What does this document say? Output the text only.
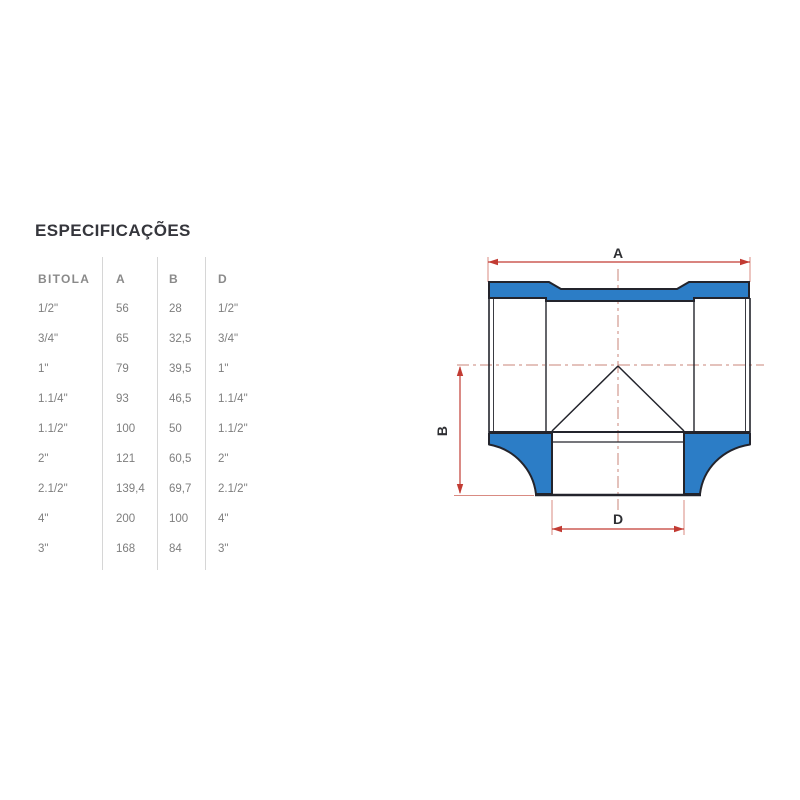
ESPECIFICAÇÕES
BITOLA	A	B	D
1/2"	56	28	1/2"
3/4"	65	32,5	3/4"
1"	79	39,5	1"
1.1/4"	93	46,5	1.1/4"
1.1/2"	100	50	1.1/2"
2"	121	60,5	2"
2.1/2"	139,4	69,7	2.1/2"
4"	200	100	4"
3"	168	84	3"
A
B
D
